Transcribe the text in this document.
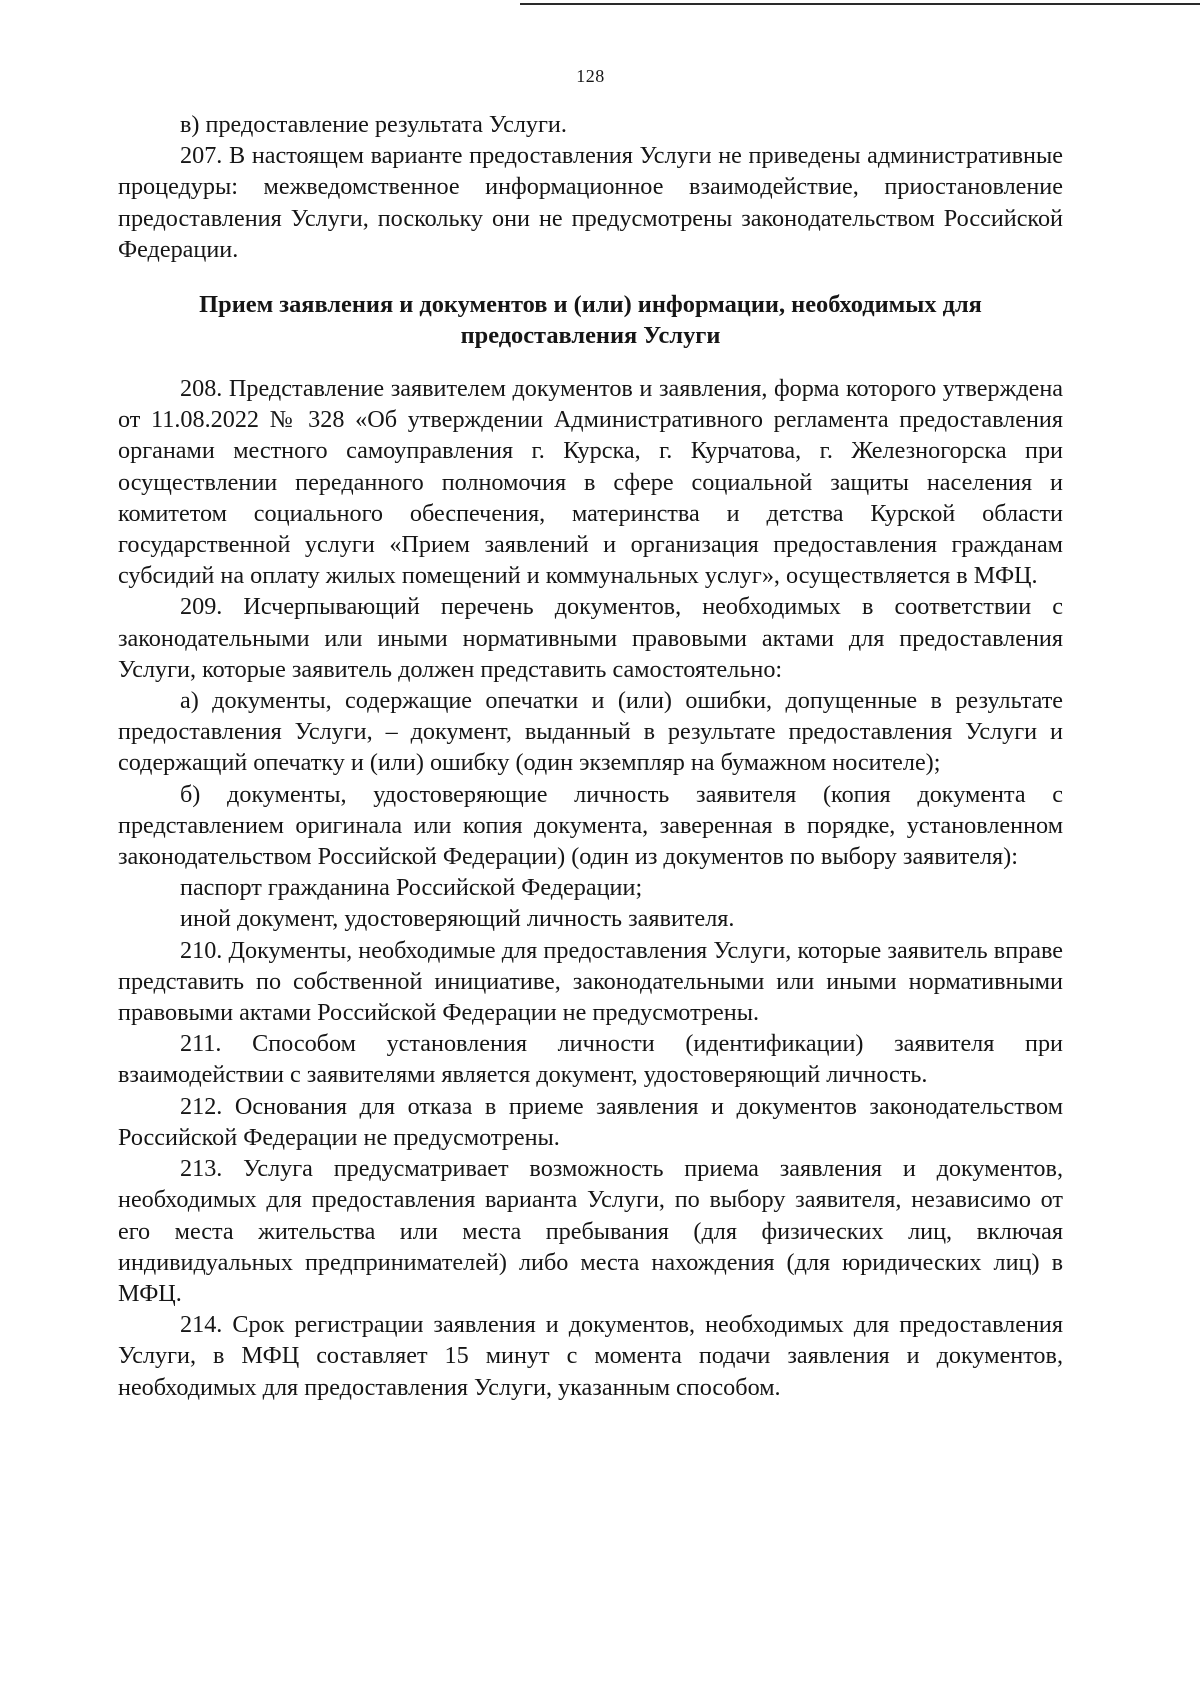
128

в) предоставление результата Услуги.

207. В настоящем варианте предоставления Услуги не приведены административные процедуры: межведомственное информационное взаимодействие, приостановление предоставления Услуги, поскольку они не предусмотрены законодательством Российской Федерации.

Прием заявления и документов и (или) информации, необходимых для
предоставления Услуги

208. Представление заявителем документов и заявления, форма которого утверждена от 11.08.2022 № 328 «Об утверждении Административного регламента предоставления органами местного самоуправления г. Курска, г. Курчатова, г. Железногорска при осуществлении переданного полномочия в сфере социальной защиты населения и комитетом социального обеспечения, материнства и детства Курской области государственной услуги «Прием заявлений и организация предоставления гражданам субсидий на оплату жилых помещений и коммунальных услуг», осуществляется в МФЦ.

209. Исчерпывающий перечень документов, необходимых в соответствии с законодательными или иными нормативными правовыми актами для предоставления Услуги, которые заявитель должен представить самостоятельно:

а) документы, содержащие опечатки и (или) ошибки, допущенные в результате предоставления Услуги, – документ, выданный в результате предоставления Услуги и содержащий опечатку и (или) ошибку (один экземпляр на бумажном носителе);

б) документы, удостоверяющие личность заявителя (копия документа с представлением оригинала или копия документа, заверенная в порядке, установленном законодательством Российской Федерации) (один из документов по выбору заявителя):

паспорт гражданина Российской Федерации;

иной документ, удостоверяющий личность заявителя.

210. Документы, необходимые для предоставления Услуги, которые заявитель вправе представить по собственной инициативе, законодательными или иными нормативными правовыми актами Российской Федерации не предусмотрены.

211. Способом установления личности (идентификации) заявителя при взаимодействии с заявителями является документ, удостоверяющий личность.

212. Основания для отказа в приеме заявления и документов законодательством Российской Федерации не предусмотрены.

213. Услуга предусматривает возможность приема заявления и документов, необходимых для предоставления варианта Услуги, по выбору заявителя, независимо от его места жительства или места пребывания (для физических лиц, включая индивидуальных предпринимателей) либо места нахождения (для юридических лиц) в МФЦ.

214. Срок регистрации заявления и документов, необходимых для предоставления Услуги, в МФЦ составляет 15 минут с момента подачи заявления и документов, необходимых для предоставления Услуги, указанным способом.
